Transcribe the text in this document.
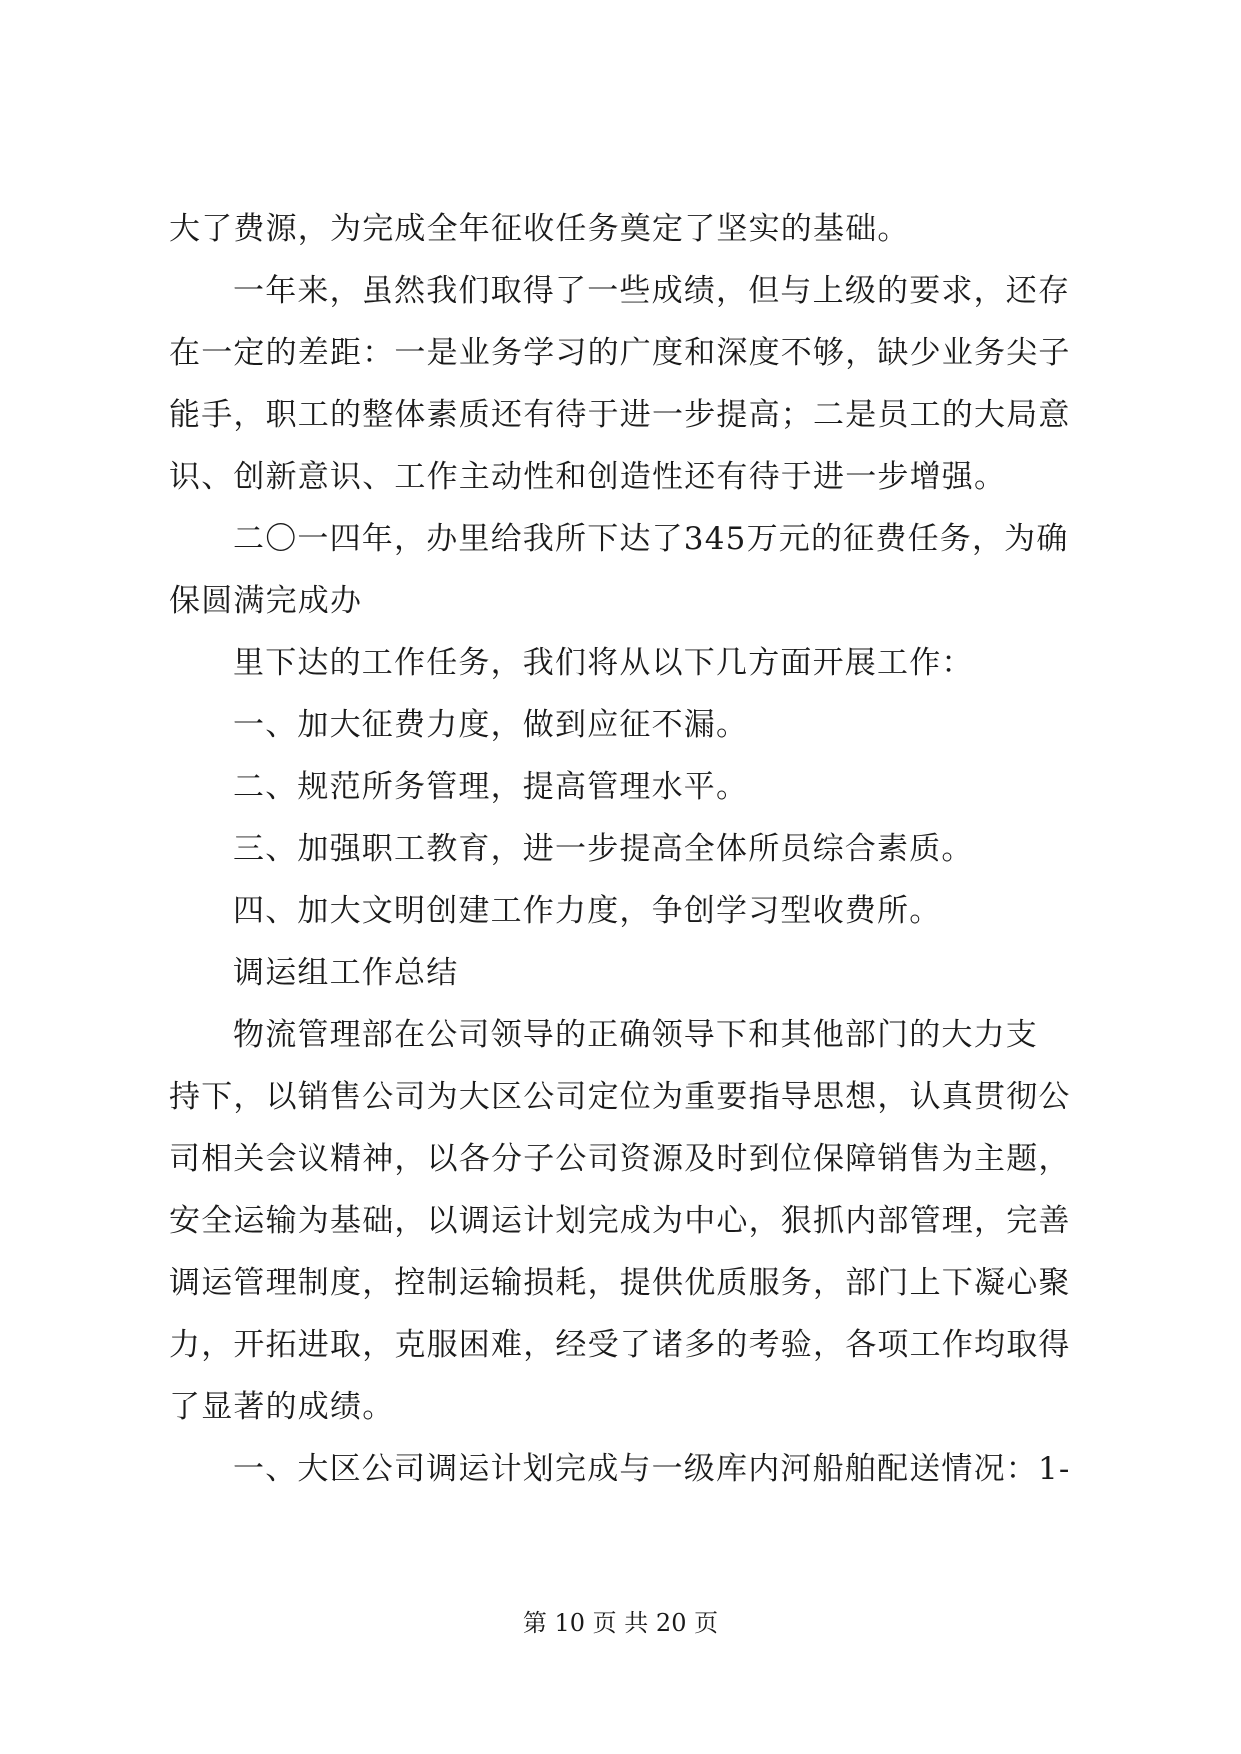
大了费源，为完成全年征收任务奠定了坚实的基础。
一年来，虽然我们取得了一些成绩，但与上级的要求，还存
在一定的差距：一是业务学习的广度和深度不够，缺少业务尖子
能手，职工的整体素质还有待于进一步提高；二是员工的大局意
识、创新意识、工作主动性和创造性还有待于进一步增强。
二〇一四年，办里给我所下达了345万元的征费任务，为确
保圆满完成办
里下达的工作任务，我们将从以下几方面开展工作：
一、加大征费力度，做到应征不漏。
二、规范所务管理，提高管理水平。
三、加强职工教育，进一步提高全体所员综合素质。
四、加大文明创建工作力度，争创学习型收费所。
调运组工作总结
物流管理部在公司领导的正确领导下和其他部门的大力支
持下，以销售公司为大区公司定位为重要指导思想，认真贯彻公
司相关会议精神，以各分子公司资源及时到位保障销售为主题，
安全运输为基础，以调运计划完成为中心，狠抓内部管理，完善
调运管理制度，控制运输损耗，提供优质服务，部门上下凝心聚
力，开拓进取，克服困难，经受了诸多的考验，各项工作均取得
了显著的成绩。
一、大区公司调运计划完成与一级库内河船舶配送情况：1-
第 10 页 共 20 页
